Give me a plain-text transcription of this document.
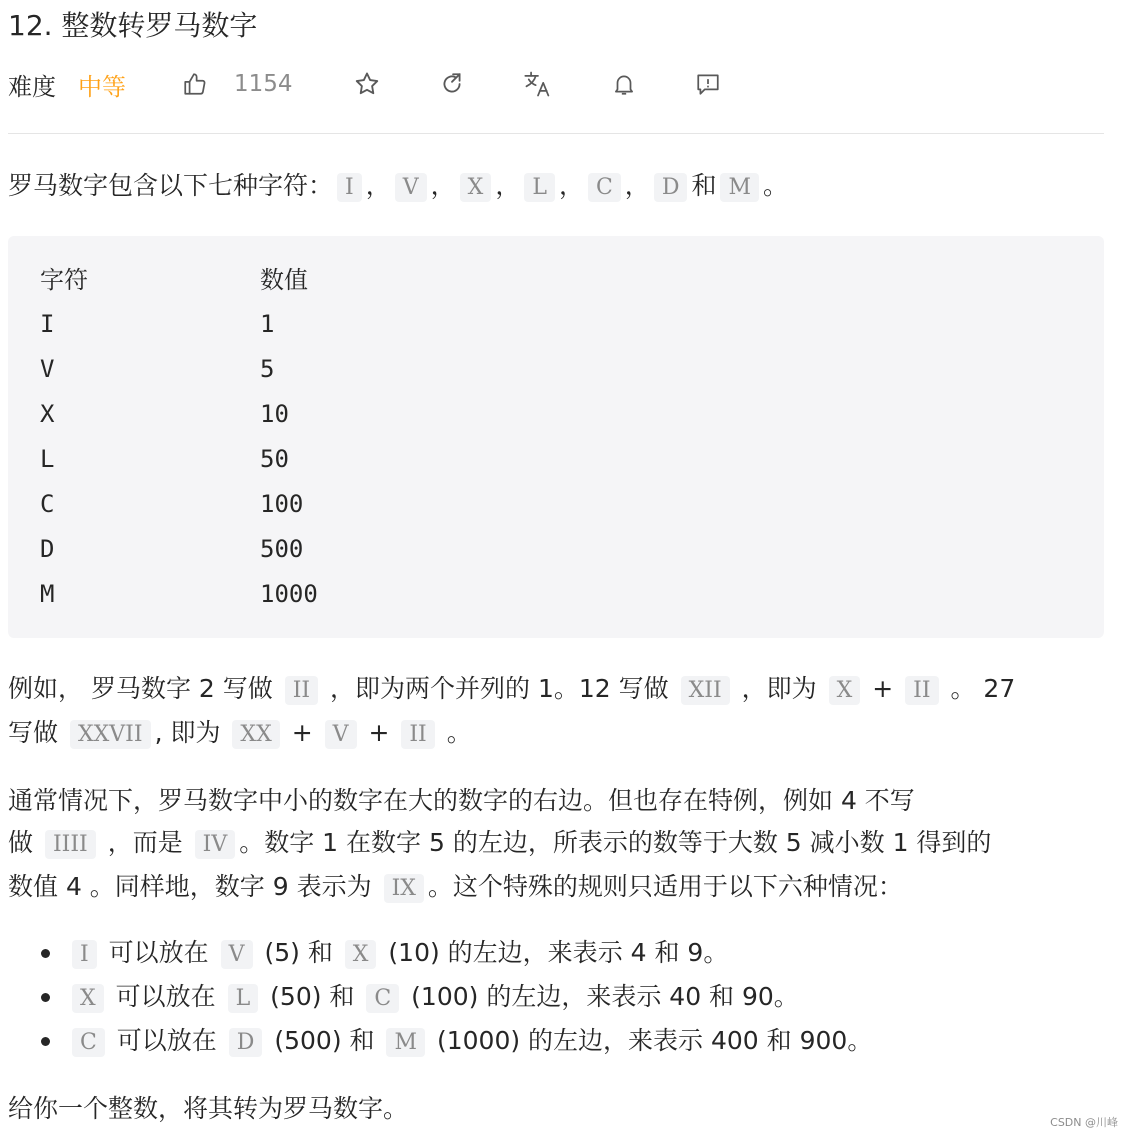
12. 整数转罗马数字
难度 中等	1154
罗马数字包含以下七种字符： I ， V ， X ， L ， C ， D 和 M 。
字符	数值
I	1
V	5
X	10
L	50
C	100
D	500
M	1000
例如， 罗马数字 2 写做 II ，即为两个并列的 1。12 写做 XII ，即为 X + II 。 27
写做 XXVII , 即为 XX + V + II 。
通常情况下，罗马数字中小的数字在大的数字的右边。但也存在特例，例如 4 不写
做 IIII ，而是 IV 。数字 1 在数字 5 的左边，所表示的数等于大数 5 减小数 1 得到的
数值 4 。同样地，数字 9 表示为 IX 。这个特殊的规则只适用于以下六种情况：
I 可以放在 V (5) 和 X (10) 的左边，来表示 4 和 9。
X 可以放在 L (50) 和 C (100) 的左边，来表示 40 和 90。
C 可以放在 D (500) 和 M (1000) 的左边，来表示 400 和 900。
给你一个整数，将其转为罗马数字。	CSDN @川峰
